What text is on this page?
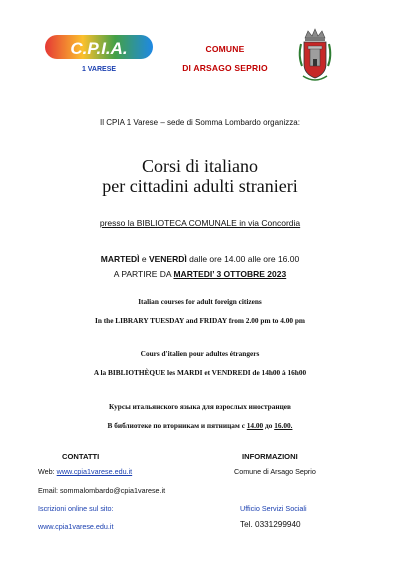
C.P.I.A.
1 VARESE
COMUNE
DI ARSAGO SEPRIO
Il CPIA 1 Varese – sede di Somma Lombardo organizza:
Corsi di italiano
per cittadini adulti stranieri
presso la BIBLIOTECA COMUNALE in via Concordia
MARTEDÌ e VENERDÌ dalle ore 14.00 alle ore 16.00
A PARTIRE DA MARTEDI’ 3 OTTOBRE 2023
Italian courses for adult foreign citizens
In the LIBRARY TUESDAY and FRIDAY from 2.00 pm to 4.00 pm
Cours d'italien pour adultes étrangers
A la BIBLIOTHÈQUE les MARDI et VENDREDI de 14h00 à 16h00
Курсы итальянского языка для взрослых иностранцев
В библиотеке по вторникам и пятницам с 14.00 до 16.00.
CONTATTI
Web: www.cpia1varese.edu.it
Email: sommalombardo@cpia1varese.it
Iscrizioni online sul sito:
www.cpia1varese.edu.it
INFORMAZIONI
Comune di Arsago Seprio
Ufficio Servizi Sociali
Tel. 0331299940
